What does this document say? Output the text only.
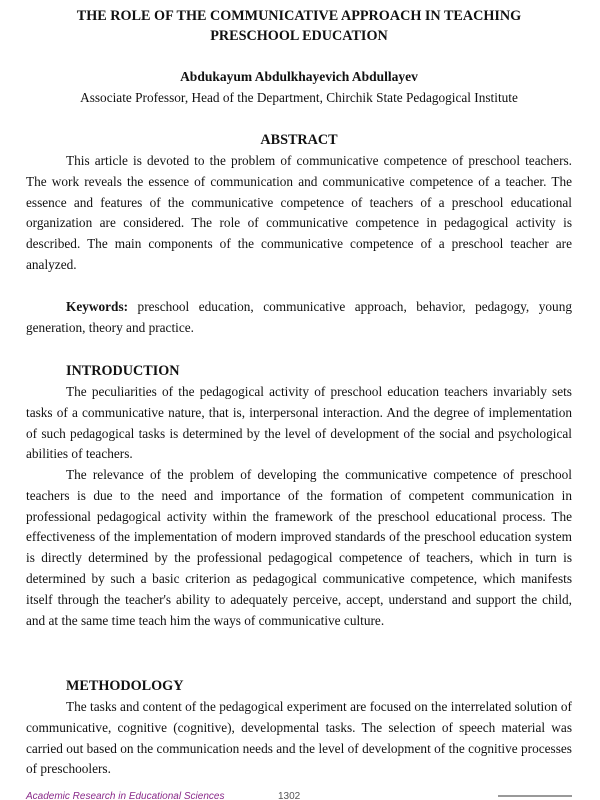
THE ROLE OF THE COMMUNICATIVE APPROACH IN TEACHING
PRESCHOOL EDUCATION
Abdukayum Abdulkhayevich Abdullayev
Associate Professor, Head of the Department, Chirchik State Pedagogical Institute
ABSTRACT

This article is devoted to the problem of communicative competence of preschool teachers. The work reveals the essence of communication and communicative competence of a teacher. The essence and features of the communicative competence of teachers of a preschool educational organization are considered. The role of communicative competence in pedagogical activity is described. The main components of the communicative competence of a preschool teacher are analyzed.

Keywords: preschool education, communicative approach, behavior, pedagogy, young generation, theory and practice.

INTRODUCTION

The peculiarities of the pedagogical activity of preschool education teachers invariably sets tasks of a communicative nature, that is, interpersonal interaction. And the degree of implementation of such pedagogical tasks is determined by the level of development of the social and psychological abilities of teachers.

The relevance of the problem of developing the communicative competence of preschool teachers is due to the need and importance of the formation of competent communication in professional pedagogical activity within the framework of the preschool educational process. The effectiveness of the implementation of modern improved standards of the preschool education system is directly determined by the professional pedagogical competence of teachers, which in turn is determined by such a basic criterion as pedagogical communicative competence, which manifests itself through the teacher's ability to adequately perceive, accept, understand and support the child, and at the same time teach him the ways of communicative culture.

METHODOLOGY

The tasks and content of the pedagogical experiment are focused on the interrelated solution of communicative, cognitive (cognitive), developmental tasks. The selection of speech material was carried out based on the communication needs and the level of development of the cognitive processes of preschoolers.

Academic Research in Educational Sciences	1302
